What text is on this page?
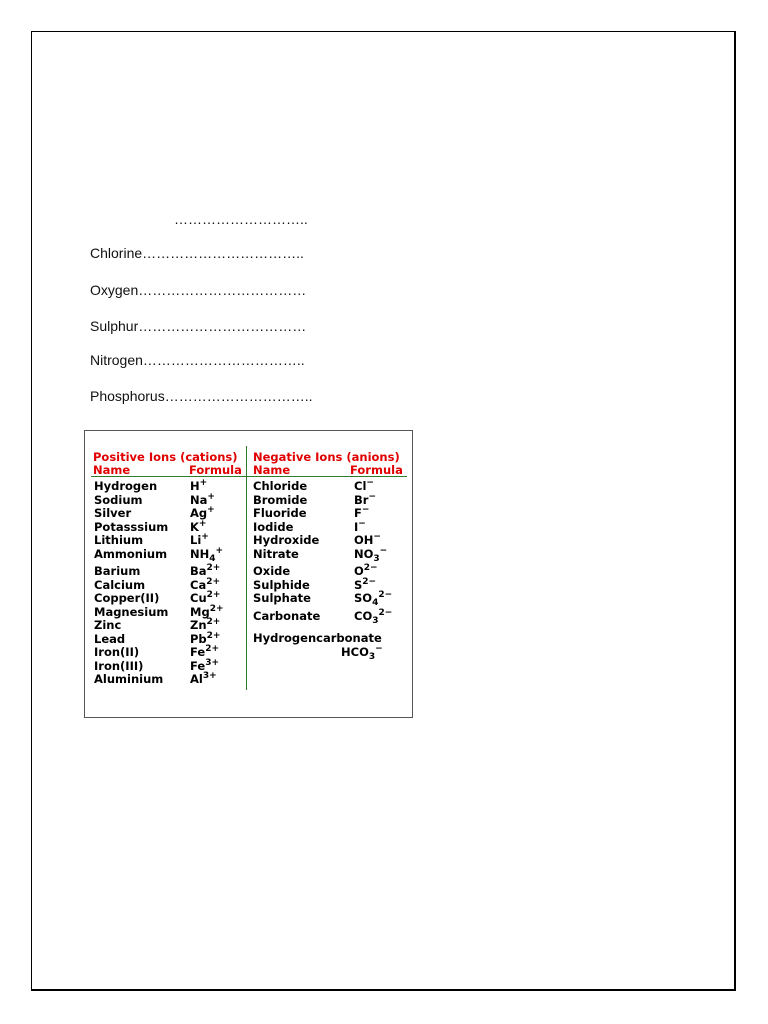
………………………..
Chlorine……………………………..
Oxygen………………………………
Sulphur………………………………
Nitrogen……………………………..
Phosphorus…………………………..
Positive Ions (cations) Negative Ions (anions)
Name	Formula Name	Formula
Hydrogen	H+
Sodium	Na+
Silver	Ag+
Potasssium K+
Lithium	Li+
Ammonium $NH_4^+$
Barium	$Ba^{2+}$
Calcium	$Ca^{2+}$
Copper(II)	$Cu^{2+}$
Magnesium $Mg^{2+}$
Zinc	$Zn^{2+}$
Lead	$Pb^{2+}$
Iron(II)	$Fe^{2+}$
Iron(III)	$Fe^{3+}$
Aluminium $Al^{3+}$
Chloride	Cl−
Bromide	Br−
Fluoride	F−
Iodide	I−
Hydroxide	OH−
Nitrate	$NO_3^-$
Oxide	$O^{2-}$
Sulphide	$S^{2-}$
Sulphate	$SO_4^{2-}$
Carbonate	$CO_3^{2-}$
Hydrogencarbonate
$HCO_3^-$
